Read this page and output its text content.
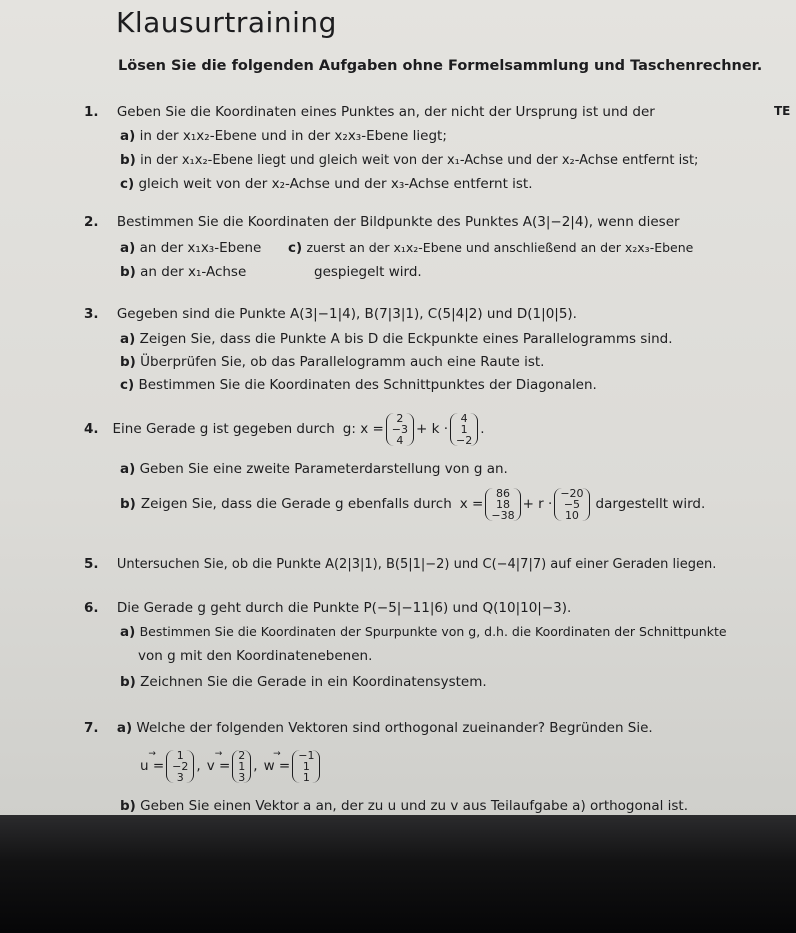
Klausurtraining
Lösen Sie die folgenden Aufgaben ohne Formelsammlung und Taschenrechner.
TE
1. Geben Sie die Koordinaten eines Punktes an, der nicht der Ursprung ist und der
a) in der x₁x₂-Ebene und in der x₂x₃-Ebene liegt;
b) in der x₁x₂-Ebene liegt und gleich weit von der x₁-Achse und der x₂-Achse entfernt ist;
c) gleich weit von der x₂-Achse und der x₃-Achse entfernt ist.
2. Bestimmen Sie die Koordinaten der Bildpunkte des Punktes A(3|−2|4), wenn dieser
a) an der x₁x₃-Ebene
b) an der x₁-Achse
c) zuerst an der x₁x₂-Ebene und anschließend an der x₂x₃-Ebene
gespiegelt wird.
3. Gegeben sind die Punkte A(3|−1|4), B(7|3|1), C(5|4|2) und D(1|0|5).
a) Zeigen Sie, dass die Punkte A bis D die Eckpunkte eines Parallelogramms sind.
b) Überprüfen Sie, ob das Parallelogramm auch eine Raute ist.
c) Bestimmen Sie die Koordinaten des Schnittpunktes der Diagonalen.
4. Eine Gerade g ist gegeben durch g: x =
2
−3
4
+ k ·
4
1
−2
.
a) Geben Sie eine zweite Parameterdarstellung von g an.
b) Zeigen Sie, dass die Gerade g ebenfalls durch x =
86
18
−38
+ r ·
−20
−5
10
dargestellt wird.
5. Untersuchen Sie, ob die Punkte A(2|3|1), B(5|1|−2) und C(−4|7|7) auf einer Geraden liegen.
6. Die Gerade g geht durch die Punkte P(−5|−11|6) und Q(10|10|−3).
a) Bestimmen Sie die Koordinaten der Spurpunkte von g, d.h. die Koordinaten der Schnittpunkte
von g mit den Koordinatenebenen.
b) Zeichnen Sie die Gerade in ein Koordinatensystem.
7. a) Welche der folgenden Vektoren sind orthogonal zueinander? Begründen Sie.
→ u =
1
−2
3
, → v =
2
1
3
, → w =
−1
1
1
b) Geben Sie einen Vektor a an, der zu u und zu v aus Teilaufgabe a) orthogonal ist.
